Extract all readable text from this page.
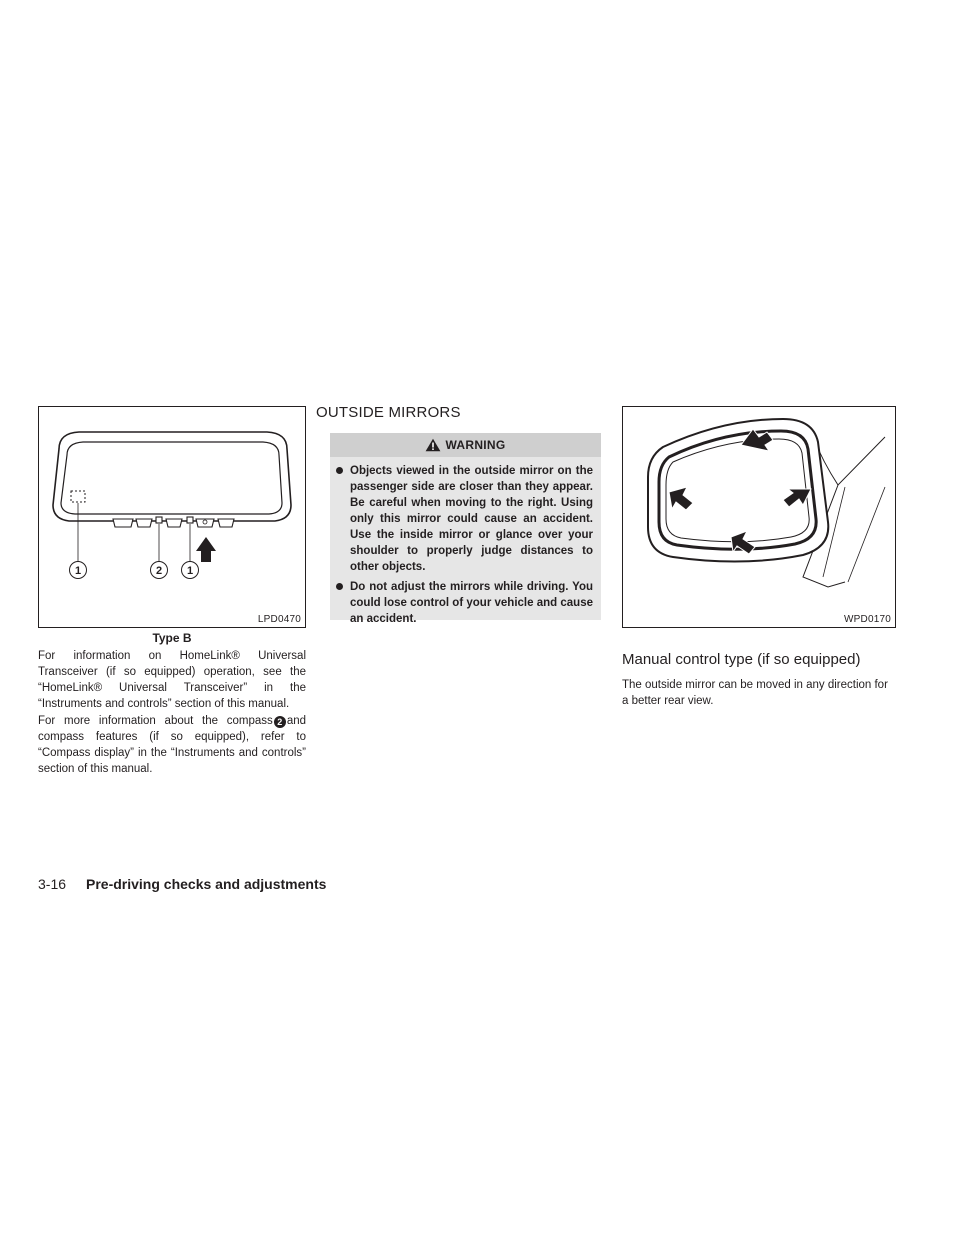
1	2 1
LPD0470
Type B

For information on HomeLink® Universal Transceiver (if so equipped) operation, see the “HomeLink® Universal Transceiver” in the “Instruments and controls” section of this manual.

For more information about the compass 2 and compass features (if so equipped), refer to “Compass display” in the “Instruments and controls” section of this manual.

OUTSIDE MIRRORS
WARNING
Objects viewed in the outside mirror on the passenger side are closer than they appear. Be careful when moving to the right. Using only this mirror could cause an accident. Use the inside mirror or glance over your shoulder to properly judge distances to other objects.
Do not adjust the mirrors while driving. You could lose control of your vehicle and cause an accident.	WPD0170
Manual control type (if so equipped)

The outside mirror can be moved in any direction for a better rear view.

3-16 Pre-driving checks and adjustments
